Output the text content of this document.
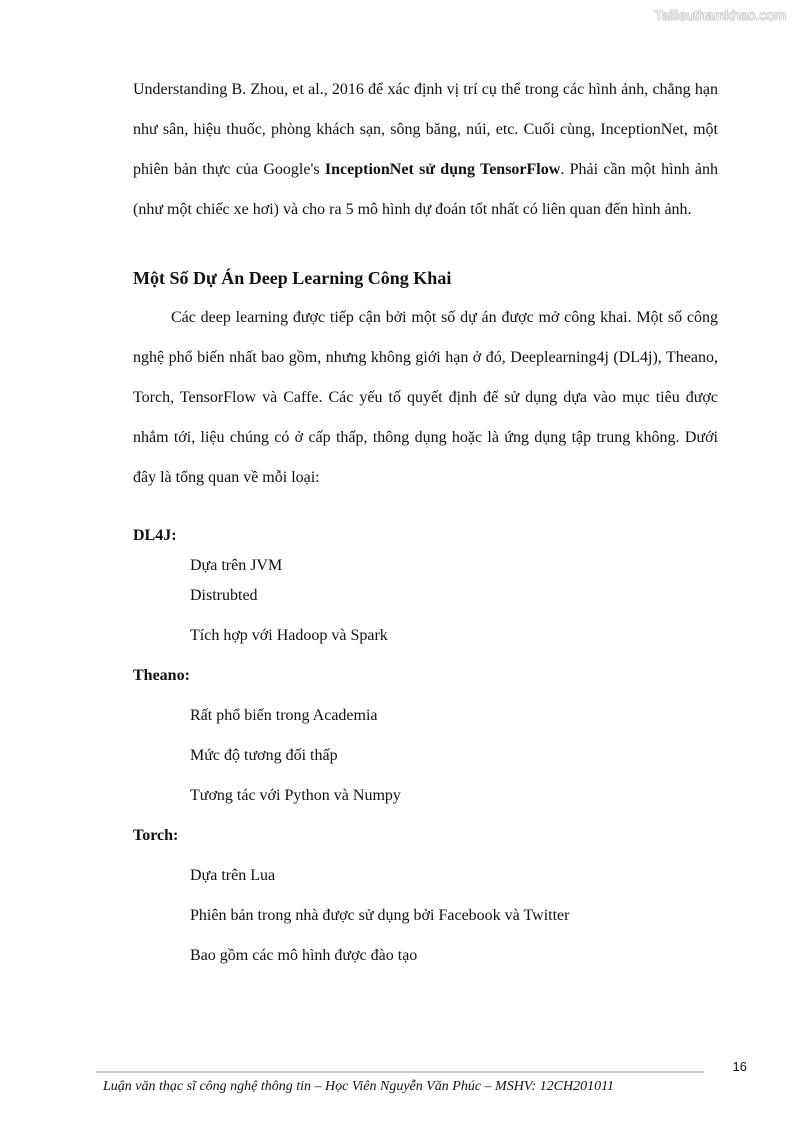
Tailieuthamkhao.com

Understanding B. Zhou, et al., 2016 để xác định vị trí cụ thể trong các hình ảnh, chẳng hạn như sân, hiệu thuốc, phòng khách sạn, sông băng, núi, etc. Cuối cùng, InceptionNet, một phiên bản thực của Google's InceptionNet sử dụng TensorFlow. Phải cần một hình ảnh (như một chiếc xe hơi) và cho ra 5 mô hình dự đoán tốt nhất có liên quan đến hình ảnh.

Một Số Dự Án Deep Learning Công Khai

Các deep learning được tiếp cận bởi một số dự án được mở công khai. Một số công nghệ phổ biến nhất bao gồm, nhưng không giới hạn ở đó, Deeplearning4j (DL4j), Theano, Torch, TensorFlow và Caffe. Các yếu tố quyết định để sử dụng dựa vào mục tiêu được nhắm tới, liệu chúng có ở cấp thấp, thông dụng hoặc là ứng dụng tập trung không. Dưới đây là tổng quan về mỗi loại:

DL4J:
Dựa trên JVM
Distrubted
Tích hợp với Hadoop và Spark
Theano:
Rất phổ biến trong Academia
Mức độ tương đối thấp
Tương tác với Python và Numpy
Torch:
Dựa trên Lua
Phiên bản trong nhà được sử dụng bởi Facebook và Twitter
Bao gồm các mô hình được đào tạo
16
Luận văn thạc sĩ công nghệ thông tin – Học Viên Nguyễn Văn Phúc – MSHV: 12CH201011
